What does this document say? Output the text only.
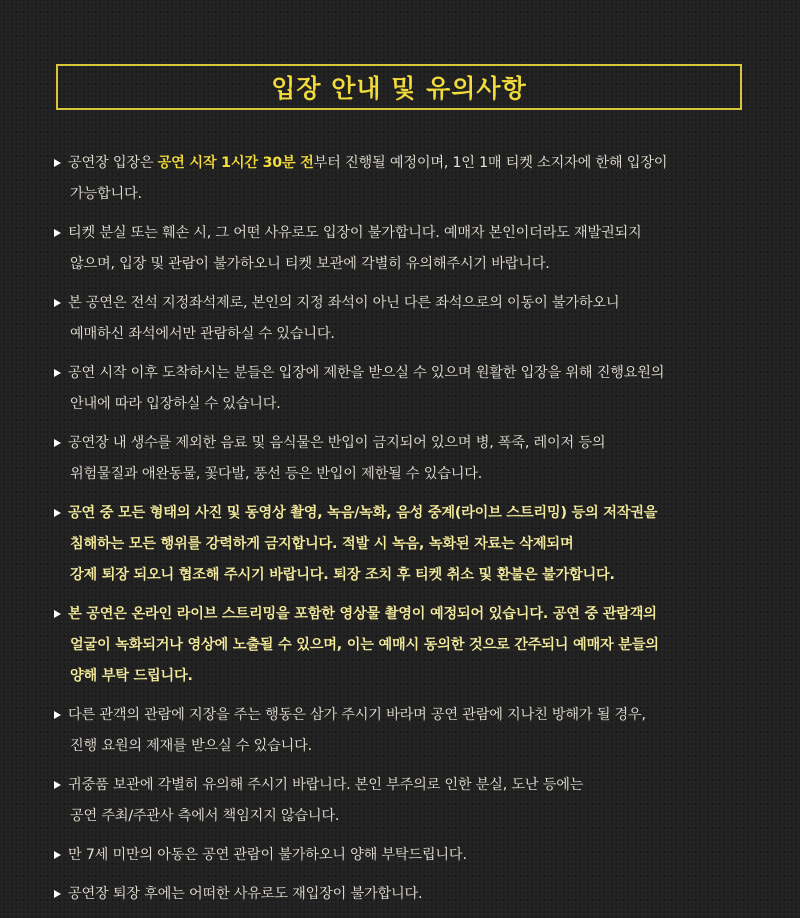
입장 안내 및 유의사항
공연장 입장은 공연 시작 1시간 30분 전부터 진행될 예정이며, 1인 1매 티켓 소지자에 한해 입장이
가능합니다.
티켓 분실 또는 훼손 시, 그 어떤 사유로도 입장이 불가합니다. 예매자 본인이더라도 재발권되지
않으며, 입장 및 관람이 불가하오니 티켓 보관에 각별히 유의해주시기 바랍니다.
본 공연은 전석 지정좌석제로, 본인의 지정 좌석이 아닌 다른 좌석으로의 이동이 불가하오니
예매하신 좌석에서만 관람하실 수 있습니다.
공연 시작 이후 도착하시는 분들은 입장에 제한을 받으실 수 있으며 원활한 입장을 위해 진행요원의
안내에 따라 입장하실 수 있습니다.
공연장 내 생수를 제외한 음료 및 음식물은 반입이 금지되어 있으며 병, 폭죽, 레이저 등의
위험물질과 애완동물, 꽃다발, 풍선 등은 반입이 제한될 수 있습니다.
공연 중 모든 형태의 사진 및 동영상 촬영, 녹음/녹화, 음성 중계(라이브 스트리밍) 등의 저작권을
침해하는 모든 행위를 강력하게 금지합니다. 적발 시 녹음, 녹화된 자료는 삭제되며
강제 퇴장 되오니 협조해 주시기 바랍니다. 퇴장 조치 후 티켓 취소 및 환불은 불가합니다.
본 공연은 온라인 라이브 스트리밍을 포함한 영상물 촬영이 예정되어 있습니다. 공연 중 관람객의
얼굴이 녹화되거나 영상에 노출될 수 있으며, 이는 예매시 동의한 것으로 간주되니 예매자 분들의
양해 부탁 드립니다.
다른 관객의 관람에 지장을 주는 행동은 삼가 주시기 바라며 공연 관람에 지나친 방해가 될 경우,
진행 요원의 제재를 받으실 수 있습니다.
귀중품 보관에 각별히 유의해 주시기 바랍니다. 본인 부주의로 인한 분실, 도난 등에는
공연 주최/주관사 측에서 책임지지 않습니다.
만 7세 미만의 아동은 공연 관람이 불가하오니 양해 부탁드립니다.
공연장 퇴장 후에는 어떠한 사유로도 재입장이 불가합니다.
